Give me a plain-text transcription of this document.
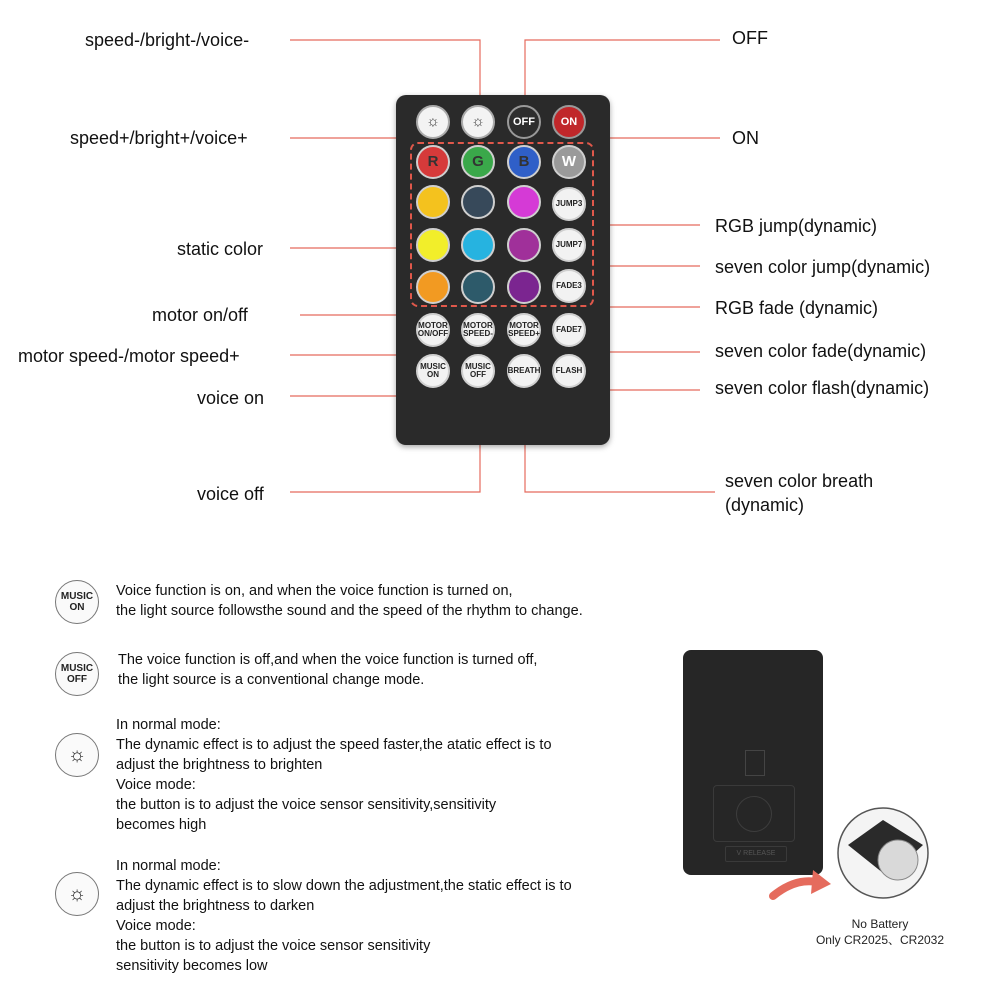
speed-/bright-/voice-
speed+/bright+/voice+
static color
motor on/off
motor speed-/motor speed+
voice on
voice off
OFF
ON
RGB jump(dynamic)
seven color jump(dynamic)
RGB fade (dynamic)
seven color fade(dynamic)
seven color flash(dynamic)
seven color breath
(dynamic)
☼ ☼	OFF	ON
R	G	B	W
JUMP3
JUMP7
FADE3
FADE7
FLASH
MOTOR ON/OFF
MOTOR SPEED-
MOTOR SPEED+
MUSIC ON
MUSIC OFF	BREATH
MUSIC ON
Voice function is on, and when the voice function is turned on,
the light source followsthe sound and the speed of the rhythm to change.
MUSIC OFF
The voice function is off,and when the voice function is turned off,
the light source is a conventional change mode.
☼
In normal mode:
The dynamic effect is to adjust the speed faster,the atatic effect is to
adjust the brightness to brighten
Voice mode:
the button is to adjust the voice sensor sensitivity,sensitivity
becomes high
☼
In normal mode:
The dynamic effect is to slow down the adjustment,the static effect is to
adjust the brightness to darken
Voice mode:
the button is to adjust the voice sensor sensitivity
sensitivity becomes low
V RELEASE
No Battery
Only CR2025、CR2032
